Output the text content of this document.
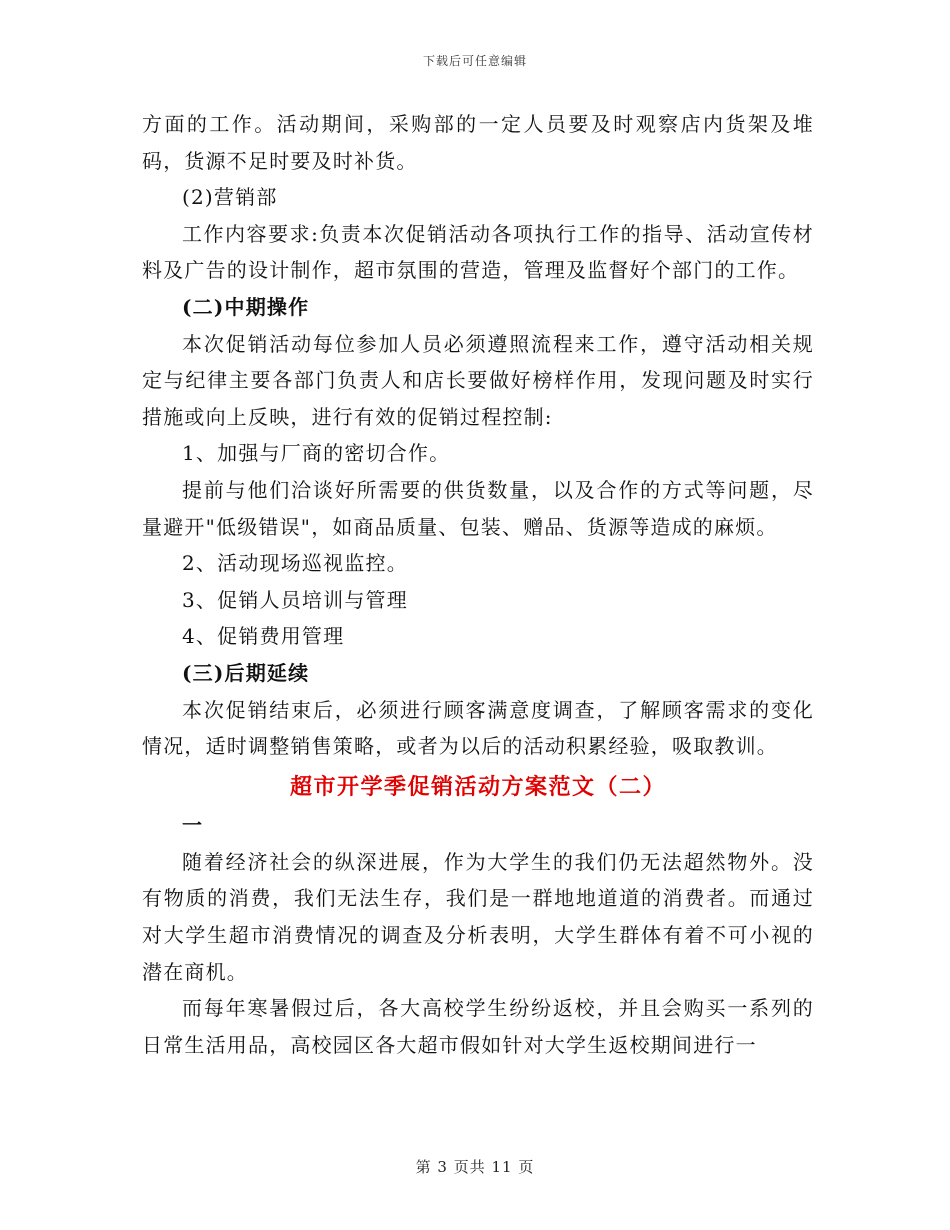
下载后可任意编辑

方面的工作。活动期间，采购部的一定人员要及时观察店内货架及堆码，货源不足时要及时补货。

(2)营销部

工作内容要求:负责本次促销活动各项执行工作的指导、活动宣传材料及广告的设计制作，超市氛围的营造，管理及监督好个部门的工作。

(二)中期操作

本次促销活动每位参加人员必须遵照流程来工作，遵守活动相关规定与纪律主要各部门负责人和店长要做好榜样作用，发现问题及时实行措施或向上反映，进行有效的促销过程控制:

1、加强与厂商的密切合作。

提前与他们洽谈好所需要的供货数量，以及合作的方式等问题，尽量避开"低级错误"，如商品质量、包装、赠品、货源等造成的麻烦。

2、活动现场巡视监控。

3、促销人员培训与管理

4、促销费用管理

(三)后期延续

本次促销结束后，必须进行顾客满意度调查，了解顾客需求的变化情况，适时调整销售策略，或者为以后的活动积累经验，吸取教训。

超市开学季促销活动方案范文（二）

一

随着经济社会的纵深进展，作为大学生的我们仍无法超然物外。没有物质的消费，我们无法生存，我们是一群地地道道的消费者。而通过对大学生超市消费情况的调查及分析表明，大学生群体有着不可小视的潜在商机。

而每年寒暑假过后，各大高校学生纷纷返校，并且会购买一系列的日常生活用品，高校园区各大超市假如针对大学生返校期间进行一

第 3 页共 11 页
